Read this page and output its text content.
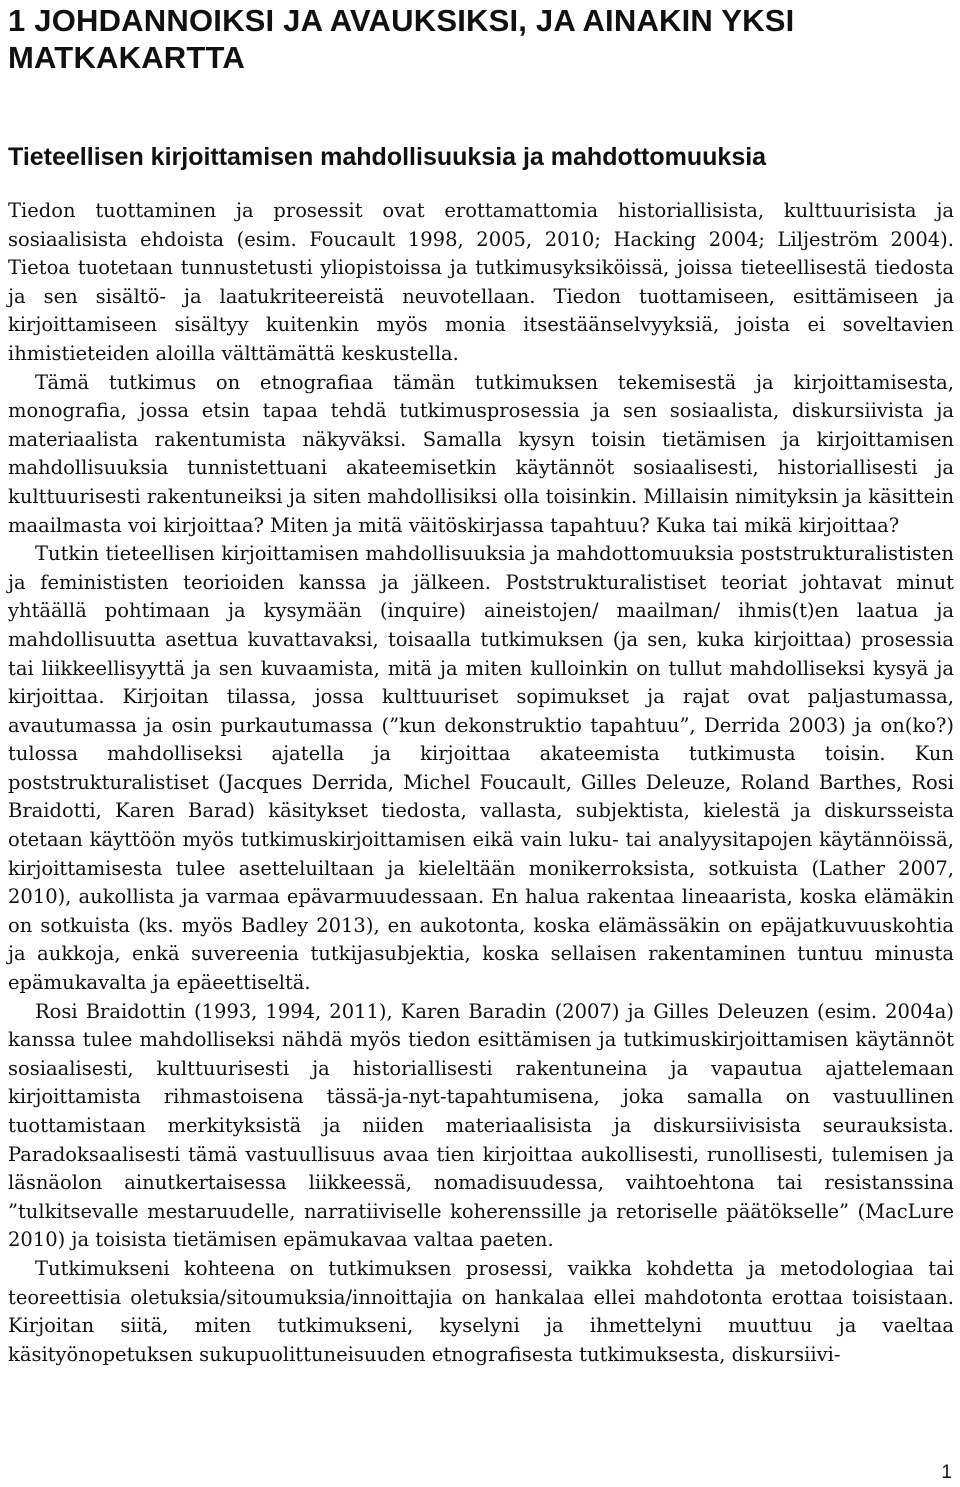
1 JOHDANNOIKSI JA AVAUKSIKSI, JA AINAKIN YKSI MATKAKARTTA
Tieteellisen kirjoittamisen mahdollisuuksia ja mahdottomuuksia

Tiedon tuottaminen ja prosessit ovat erottamattomia historiallisista, kulttuurisista ja sosiaalisista ehdoista (esim. Foucault 1998, 2005, 2010; Hacking 2004; Liljeström 2004). Tietoa tuotetaan tunnustetusti yliopistoissa ja tutkimusyksiköissä, joissa tieteellisestä tiedosta ja sen sisältö- ja laatukriteereistä neuvotellaan. Tiedon tuottamiseen, esittämiseen ja kirjoittamiseen sisältyy kuitenkin myös monia itsestäänselvyyksiä, joista ei soveltavien ihmistieteiden aloilla välttämättä keskustella.

Tämä tutkimus on etnografiaa tämän tutkimuksen tekemisestä ja kirjoittamisesta, monografia, jossa etsin tapaa tehdä tutkimusprosessia ja sen sosiaalista, diskursiivista ja materiaalista rakentumista näkyväksi. Samalla kysyn toisin tietämisen ja kirjoittamisen mahdollisuuksia tunnistettuani akateemisetkin käytännöt sosiaalisesti, historiallisesti ja kulttuurisesti rakentuneiksi ja siten mahdollisiksi olla toisinkin. Millaisin nimityksin ja käsittein maailmasta voi kirjoittaa? Miten ja mitä väitöskirjassa tapahtuu? Kuka tai mikä kirjoittaa?

Tutkin tieteellisen kirjoittamisen mahdollisuuksia ja mahdottomuuksia poststrukturalististen ja feminististen teorioiden kanssa ja jälkeen. Poststrukturalistiset teoriat johtavat minut yhtäällä pohtimaan ja kysymään (inquire) aineistojen/ maailman/ ihmis(t)en laatua ja mahdollisuutta asettua kuvattavaksi, toisaalla tutkimuksen (ja sen, kuka kirjoittaa) prosessia tai liikkeellisyyttä ja sen kuvaamista, mitä ja miten kulloinkin on tullut mahdolliseksi kysyä ja kirjoittaa. Kirjoitan tilassa, jossa kulttuuriset sopimukset ja rajat ovat paljastumassa, avautumassa ja osin purkautumassa (”kun dekonstruktio tapahtuu”, Derrida 2003) ja on(ko?) tulossa mahdolliseksi ajatella ja kirjoittaa akateemista tutkimusta toisin. Kun poststrukturalistiset (Jacques Derrida, Michel Foucault, Gilles Deleuze, Roland Barthes, Rosi Braidotti, Karen Barad) käsitykset tiedosta, vallasta, subjektista, kielestä ja diskursseista otetaan käyttöön myös tutkimuskirjoittamisen eikä vain luku- tai analyysitapojen käytännöissä, kirjoittamisesta tulee asetteluiltaan ja kieleltään monikerroksista, sotkuista (Lather 2007, 2010), aukollista ja varmaa epävarmuudessaan. En halua rakentaa lineaarista, koska elämäkin on sotkuista (ks. myös Badley 2013), en aukotonta, koska elämässäkin on epäjatkuvuuskohtia ja aukkoja, enkä suvereenia tutkijasubjektia, koska sellaisen rakentaminen tuntuu minusta epämukavalta ja epäeettiseltä.

Rosi Braidottin (1993, 1994, 2011), Karen Baradin (2007) ja Gilles Deleuzen (esim. 2004a) kanssa tulee mahdolliseksi nähdä myös tiedon esittämisen ja tutkimuskirjoittamisen käytännöt sosiaalisesti, kulttuurisesti ja historiallisesti rakentuneina ja vapautua ajattelemaan kirjoittamista rihmastoisena tässä-ja-nyt-tapahtumisena, joka samalla on vastuullinen tuottamistaan merkityksistä ja niiden materiaalisista ja diskursiivisista seurauksista. Paradoksaalisesti tämä vastuullisuus avaa tien kirjoittaa aukollisesti, runollisesti, tulemisen ja läsnäolon ainutkertaisessa liikkeessä, nomadisuudessa, vaihtoehtona tai resistanssina ”tulkitsevalle mestaruudelle, narratiiviselle koherenssille ja retoriselle päätökselle” (MacLure 2010) ja toisista tietämisen epämukavaa valtaa paeten.

Tutkimukseni kohteena on tutkimuksen prosessi, vaikka kohdetta ja metodologiaa tai teoreettisia oletuksia/sitoumuksia/innoittajia on hankalaa ellei mahdotonta erottaa toisistaan. Kirjoitan siitä, miten tutkimukseni, kyselyni ja ihmettelyni muuttuu ja vaeltaa käsityönopetuksen sukupuolittuneisuuden etnografisesta tutkimuksesta, diskursiivi-

1
